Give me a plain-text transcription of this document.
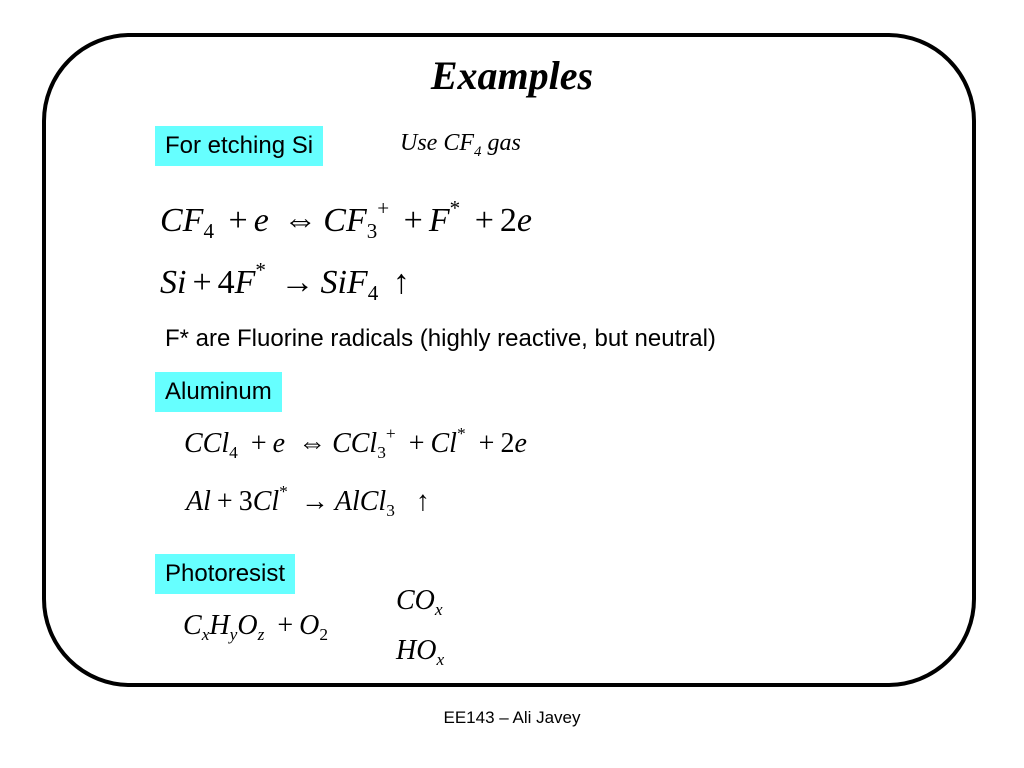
Examples
For etching Si	Use $CF_4$ gas
$CF_4 + e$ ⇔ $CF_3^+ + F^* + 2e$
Si + 4F* → SiF$_4$ ↑
F* are Fluorine radicals (highly reactive, but neutral)
Aluminum
CCl$_4$ + e ⇔ CCl$_3$+ + Cl* + 2e
Al + 3Cl* → AlCl$_3$ ↑
Photoresist
$C_xH_yO_z + O_2$
$CO_x$
$HO_x$
EE143 – Ali Javey
